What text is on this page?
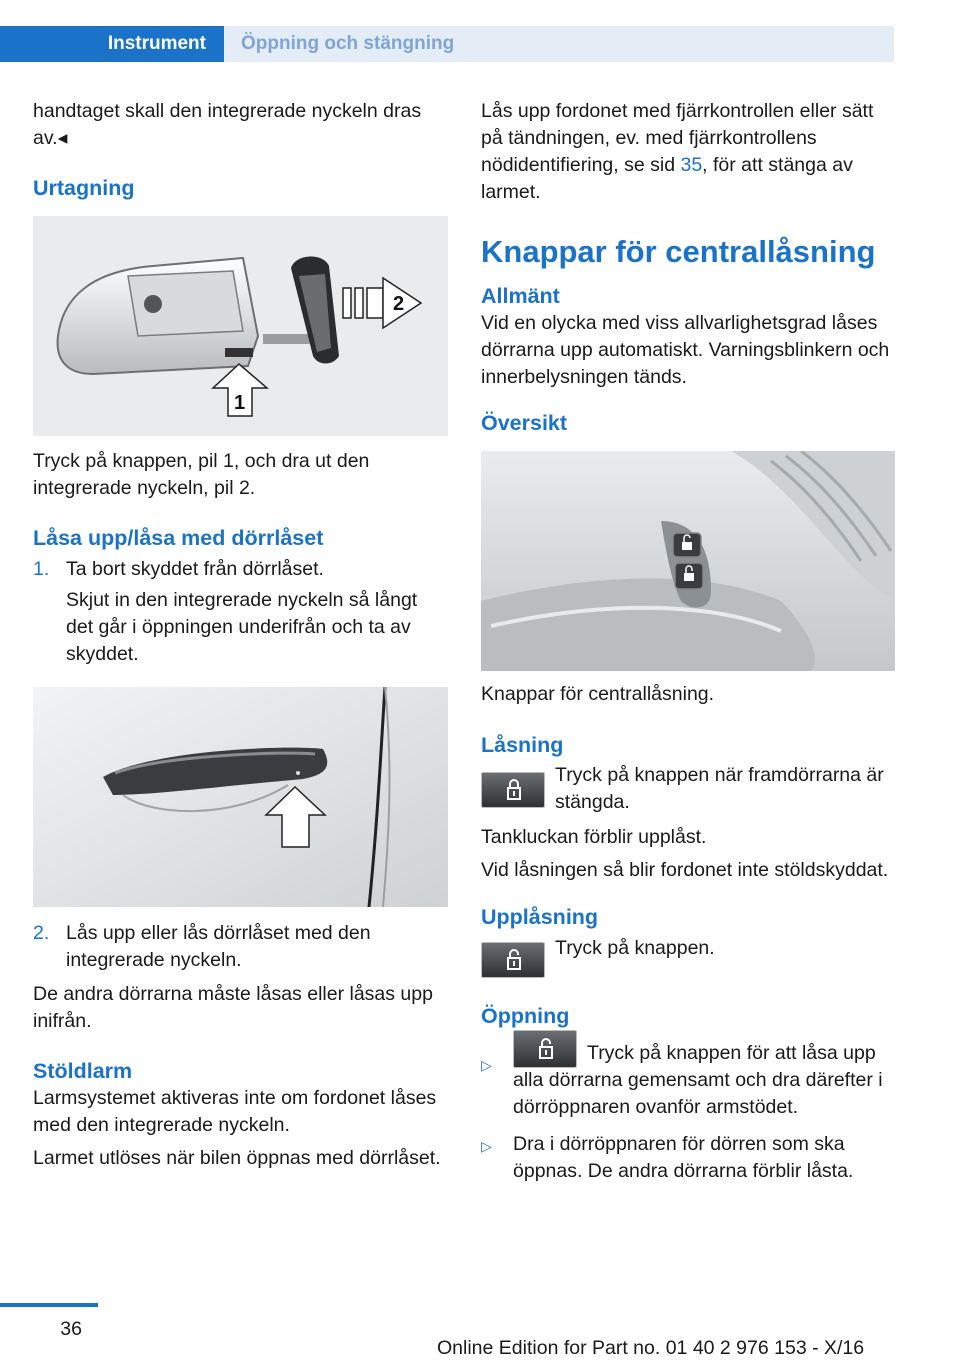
Instrument	Öppning och stängning

handtaget skall den integrerade nyckeln dras av.◂

Urtagning
2
1

Tryck på knappen, pil 1, och dra ut den integrerade nyckeln, pil 2.

Låsa upp/låsa med dörrlåset
1. Ta bort skyddet från dörrlåset.

Skjut in den integrerade nyckeln så långt det går i öppningen underifrån och ta av skyddet.

2. Lås upp eller lås dörrlåset med den integrerade nyckeln.

De andra dörrarna måste låsas eller låsas upp inifrån.

Stöldlarm

Larmsystemet aktiveras inte om fordonet låses med den integrerade nyckeln.

Larmet utlöses när bilen öppnas med dörrlåset.

Lås upp fordonet med fjärrkontrollen eller sätt på tändningen, ev. med fjärrkontrollens nödidentifiering, se sid 35, för att stänga av larmet.

Knappar för centrallåsning
Allmänt

Vid en olycka med viss allvarlighetsgrad låses dörrarna upp automatiskt. Varningsblinkern och innerbelysningen tänds.

Översikt

Knappar för centrallåsning.

Låsning

Tryck på knappen när framdörrarna är stängda.

Tankluckan förblir upplåst.

Vid låsningen så blir fordonet inte stöldskyddat.

Upplåsning

Tryck på knappen.

Öppning
▷

Tryck på knappen för att låsa upp alla dörrarna gemensamt och dra därefter i dörröppnaren ovanför armstödet.

▷ Dra i dörröppnaren för dörren som ska öppnas. De andra dörrarna förblir låsta.

36
Online Edition for Part no. 01 40 2 976 153 - X/16
